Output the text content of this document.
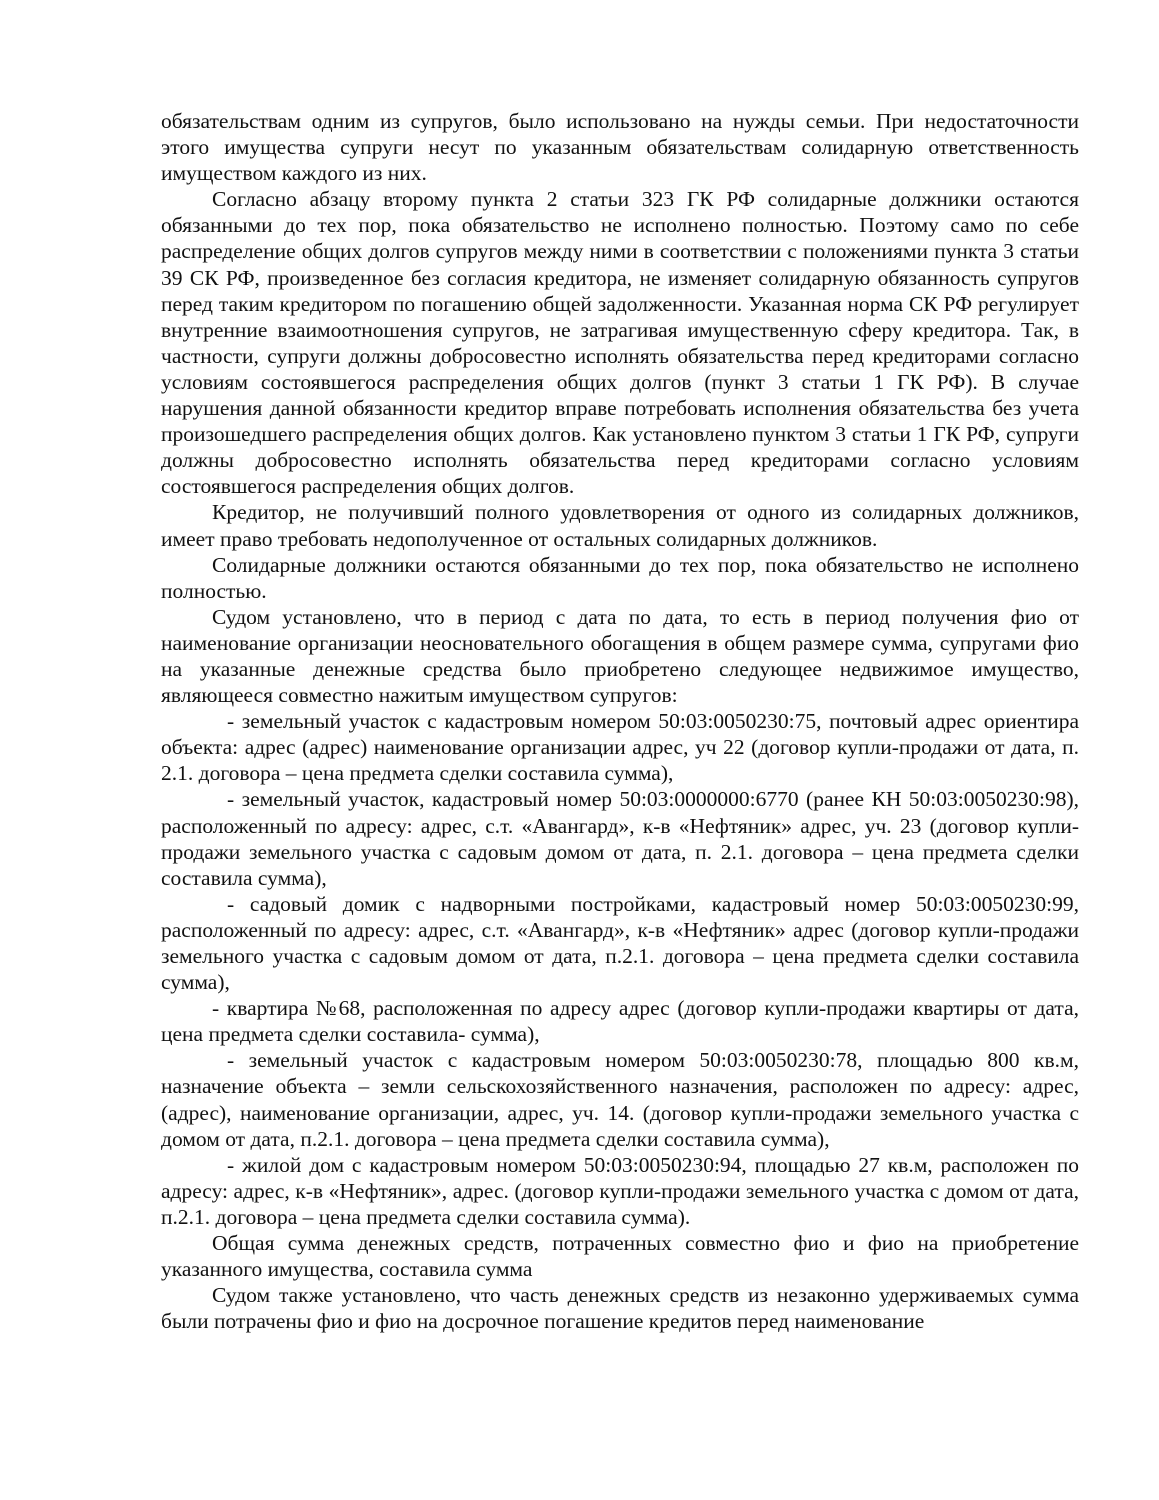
обязательствам одним из супругов, было использовано на нужды семьи. При недостаточности этого имущества супруги несут по указанным обязательствам солидарную ответственность имуществом каждого из них.

Согласно абзацу второму пункта 2 статьи 323 ГК РФ солидарные должники остаются обязанными до тех пор, пока обязательство не исполнено полностью. Поэтому само по себе распределение общих долгов супругов между ними в соответствии с положениями пункта 3 статьи 39 СК РФ, произведенное без согласия кредитора, не изменяет солидарную обязанность супругов перед таким кредитором по погашению общей задолженности. Указанная норма СК РФ регулирует внутренние взаимоотношения супругов, не затрагивая имущественную сферу кредитора. Так, в частности, супруги должны добросовестно исполнять обязательства перед кредиторами согласно условиям состоявшегося распределения общих долгов (пункт 3 статьи 1 ГК РФ). В случае нарушения данной обязанности кредитор вправе потребовать исполнения обязательства без учета произошедшего распределения общих долгов. Как установлено пунктом 3 статьи 1 ГК РФ, супруги должны добросовестно исполнять обязательства перед кредиторами согласно условиям состоявшегося распределения общих долгов.

Кредитор, не получивший полного удовлетворения от одного из солидарных должников, имеет право требовать недополученное от остальных солидарных должников.

Солидарные должники остаются обязанными до тех пор, пока обязательство не исполнено полностью.

Судом установлено, что в период с дата по дата, то есть в период получения фио от наименование организации неосновательного обогащения в общем размере сумма, супругами фио на указанные денежные средства было приобретено следующее недвижимое имущество, являющееся совместно нажитым имуществом супругов:

- земельный участок с кадастровым номером 50:03:0050230:75, почтовый адрес ориентира объекта: адрес (адрес) наименование организации адрес, уч 22 (договор купли-продажи от дата, п. 2.1. договора – цена предмета сделки составила сумма),

- земельный участок, кадастровый номер 50:03:0000000:6770 (ранее КН 50:03:0050230:98), расположенный по адресу: адрес, с.т. «Авангард», к-в «Нефтяник» адрес, уч. 23 (договор купли-продажи земельного участка с садовым домом от дата, п. 2.1. договора – цена предмета сделки составила сумма),

- садовый домик с надворными постройками, кадастровый номер 50:03:0050230:99, расположенный по адресу: адрес, с.т. «Авангард», к-в «Нефтяник» адрес (договор купли-продажи земельного участка с садовым домом от дата, п.2.1. договора – цена предмета сделки составила сумма),

- квартира №68, расположенная по адресу адрес (договор купли-продажи квартиры от дата, цена предмета сделки составила- сумма),

- земельный участок с кадастровым номером 50:03:0050230:78, площадью 800 кв.м, назначение объекта – земли сельскохозяйственного назначения, расположен по адресу: адрес, (адрес), наименование организации, адрес, уч. 14. (договор купли-продажи земельного участка с домом от дата, п.2.1. договора – цена предмета сделки составила сумма),

- жилой дом с кадастровым номером 50:03:0050230:94, площадью 27 кв.м, расположен по адресу: адрес, к-в «Нефтяник», адрес. (договор купли-продажи земельного участка с домом от дата, п.2.1. договора – цена предмета сделки составила сумма).

Общая сумма денежных средств, потраченных совместно фио и фио на приобретение указанного имущества, составила сумма

Судом также установлено, что часть денежных средств из незаконно удерживаемых сумма были потрачены фио и фио на досрочное погашение кредитов перед наименование
